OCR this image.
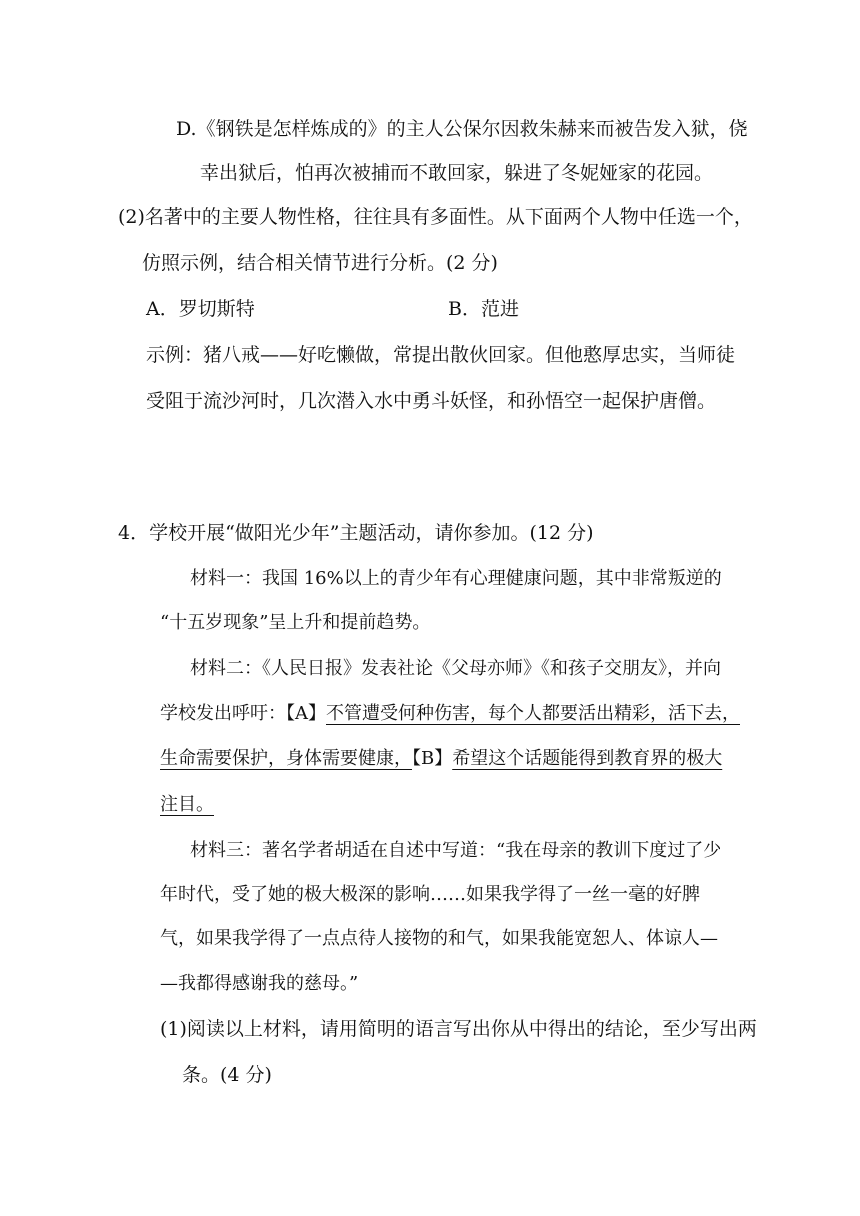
D.《钢铁是怎样炼成的》的主人公保尔因救朱赫来而被告发入狱，侥
幸出狱后，怕再次被捕而不敢回家，躲进了冬妮娅家的花园。
(2)名著中的主要人物性格，往往具有多面性。从下面两个人物中任选一个，
仿照示例，结合相关情节进行分析。(2 分)
A．罗切斯特	B．范进
示例：猪八戒——好吃懒做，常提出散伙回家。但他憨厚忠实，当师徒
受阻于流沙河时，几次潜入水中勇斗妖怪，和孙悟空一起保护唐僧。
4．学校开展“做阳光少年”主题活动，请你参加。(12 分)
材料一：我国 16%以上的青少年有心理健康问题，其中非常叛逆的
“十五岁现象”呈上升和提前趋势。
材料二：《人民日报》发表社论《父母亦师》《和孩子交朋友》，并向
学校发出呼吁：【A】不管遭受何种伤害，每个人都要活出精彩，活下去，
生命需要保护，身体需要健康，【B】希望这个话题能得到教育界的极大
注目。
材料三：著名学者胡适在自述中写道：“我在母亲的教训下度过了少
年时代，受了她的极大极深的影响……如果我学得了一丝一毫的好脾
气，如果我学得了一点点待人接物的和气，如果我能宽恕人、体谅人—
—我都得感谢我的慈母。”
(1)阅读以上材料，请用简明的语言写出你从中得出的结论，至少写出两
条。(4 分)
